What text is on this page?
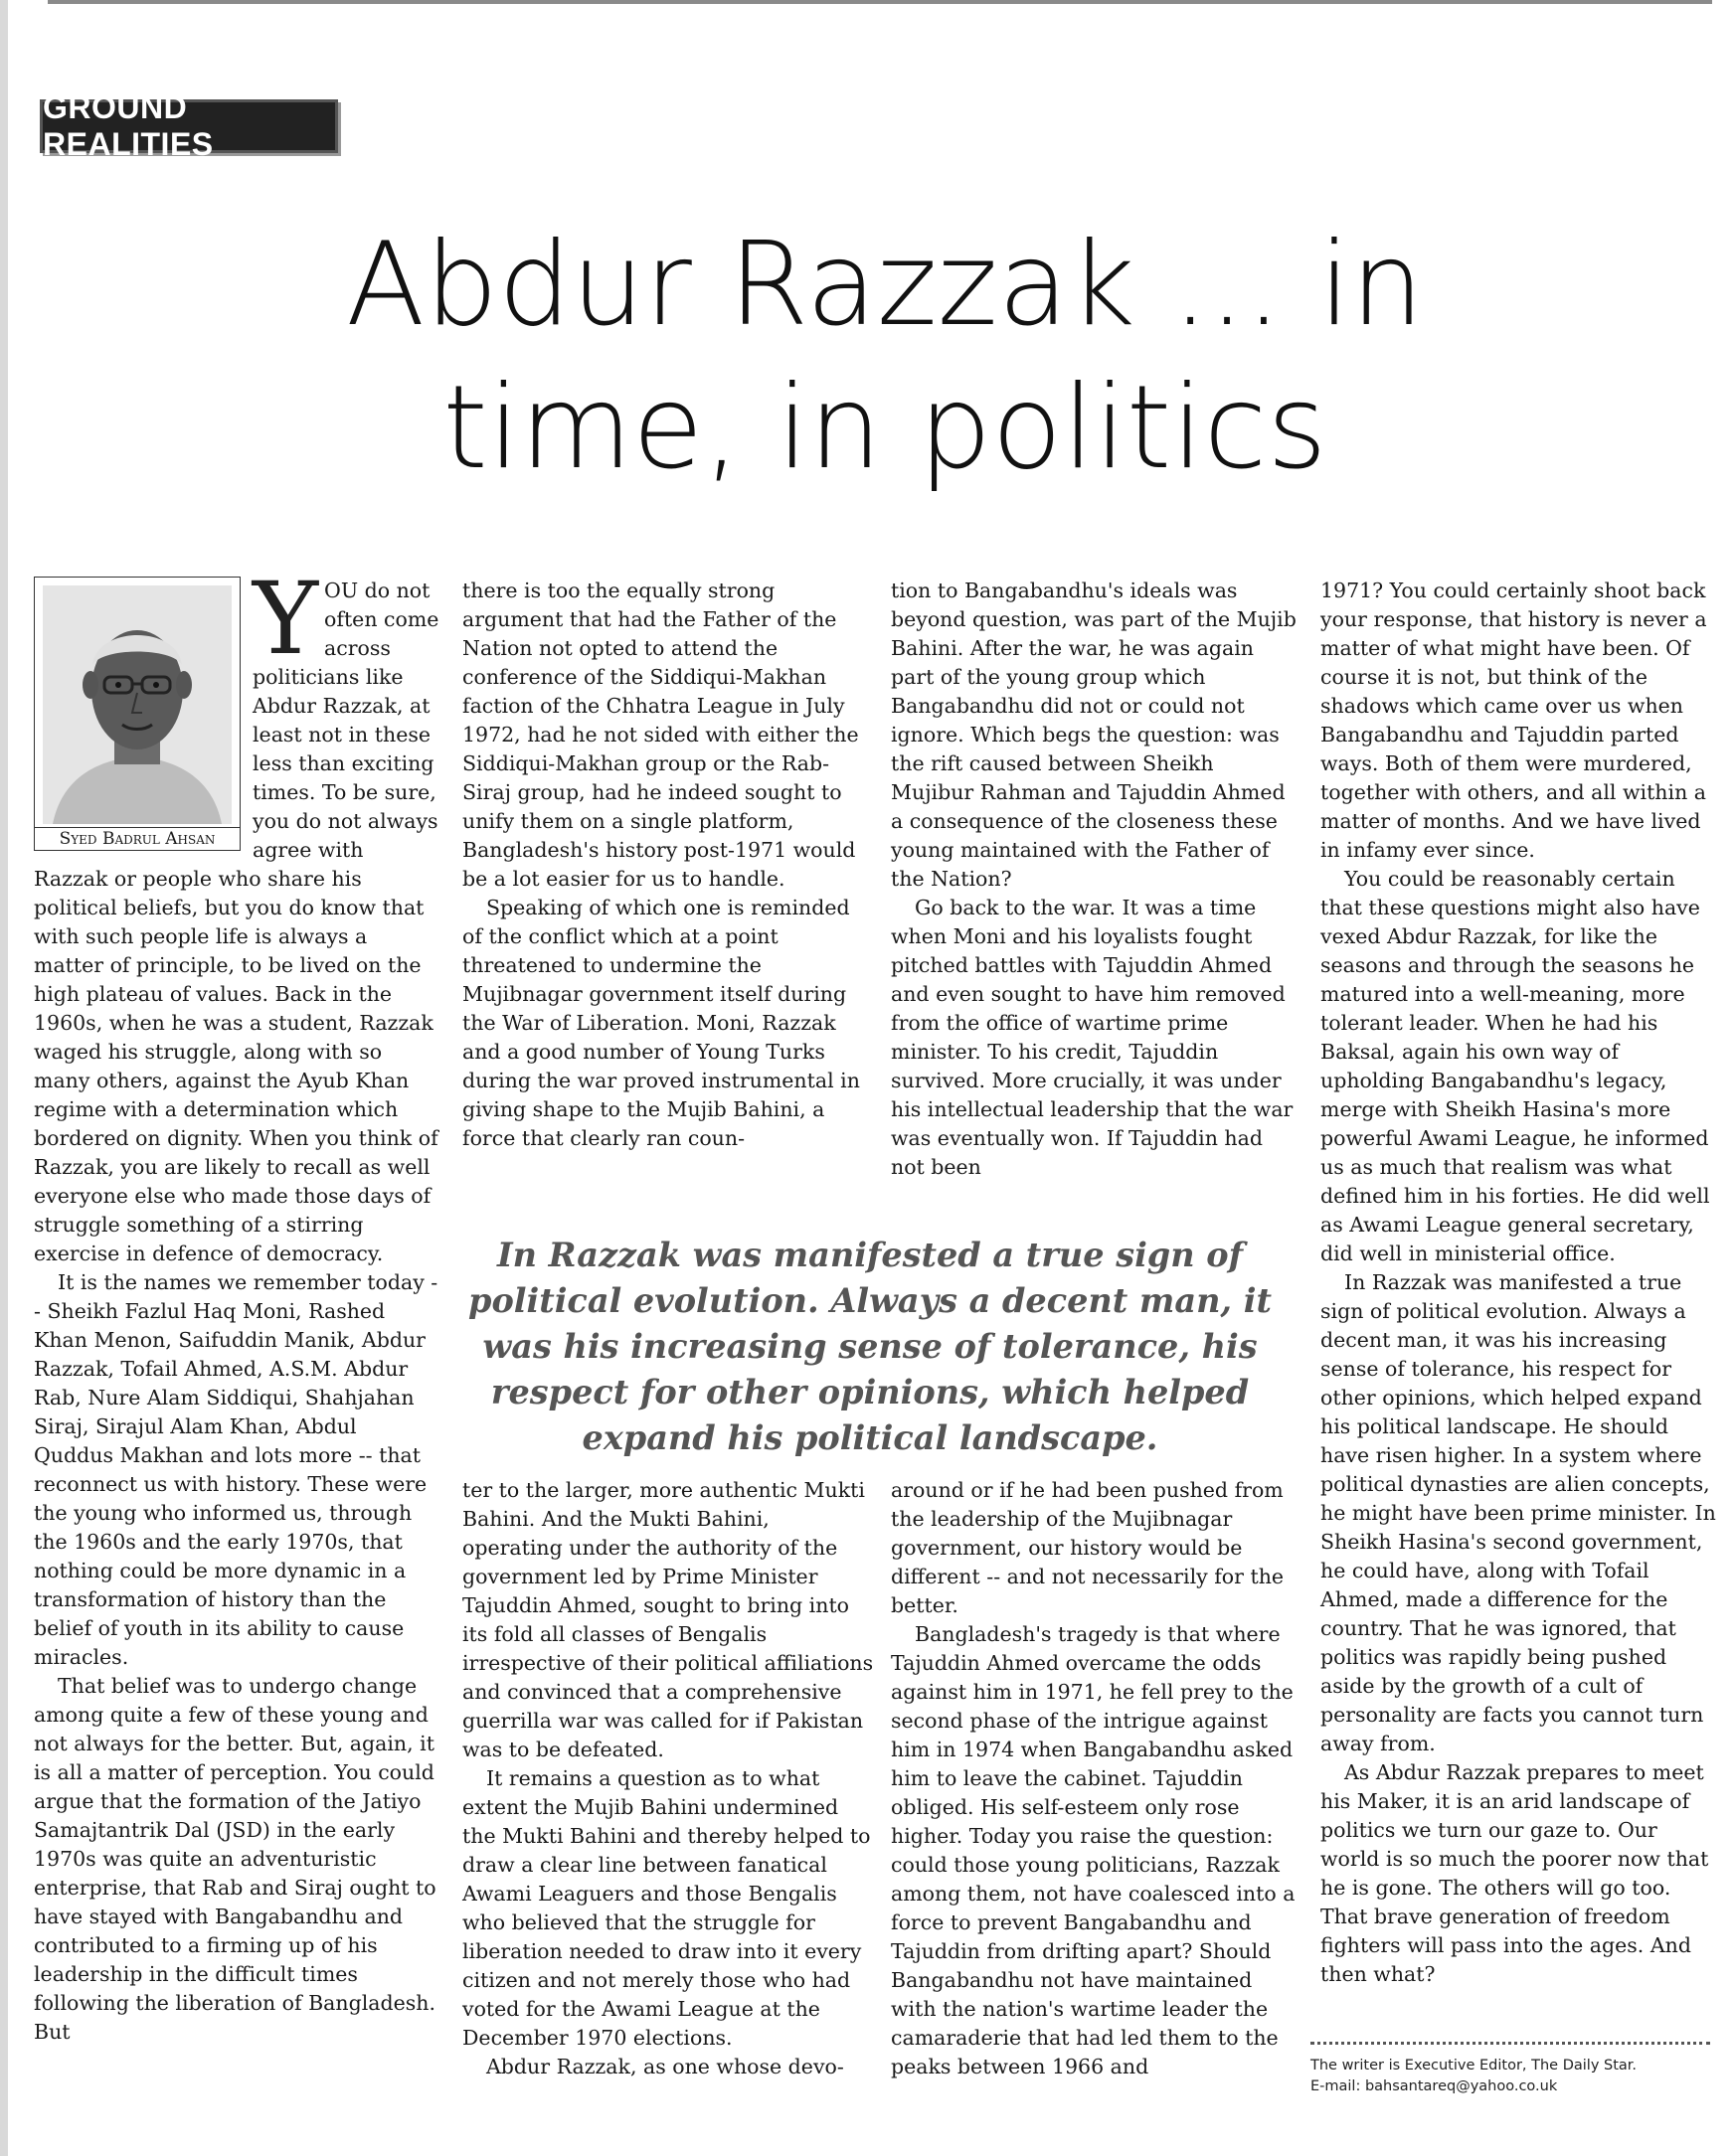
GROUND REALITIES
Abdur Razzak ... in
time, in politics
Syed Badrul Ahsan

YOU do not often come across politicians like Abdur Razzak, at least not in these less than exciting times. To be sure, you do not always agree with Razzak or people who share his political beliefs, but you do know that with such people life is always a matter of principle, to be lived on the high plateau of values. Back in the 1960s, when he was a student, Razzak waged his struggle, along with so many others, against the Ayub Khan regime with a determination which bordered on dignity. When you think of Razzak, you are likely to recall as well everyone else who made those days of struggle something of a stirring exercise in defence of democracy.

It is the names we remember today -- Sheikh Fazlul Haq Moni, Rashed Khan Menon, Saifuddin Manik, Abdur Razzak, Tofail Ahmed, A.S.M. Abdur Rab, Nure Alam Siddiqui, Shahjahan Siraj, Sirajul Alam Khan, Abdul Quddus Makhan and lots more -- that reconnect us with history. These were the young who informed us, through the 1960s and the early 1970s, that nothing could be more dynamic in a transformation of history than the belief of youth in its ability to cause miracles.

That belief was to undergo change among quite a few of these young and not always for the better. But, again, it is all a matter of perception. You could argue that the formation of the Jatiyo Samajtantrik Dal (JSD) in the early 1970s was quite an adventuristic enterprise, that Rab and Siraj ought to have stayed with Bangabandhu and contributed to a firming up of his leadership in the difficult times following the liberation of Bangladesh. But

there is too the equally strong argument that had the Father of the Nation not opted to attend the conference of the Siddiqui-Makhan faction of the Chhatra League in July 1972, had he not sided with either the Siddiqui-Makhan group or the Rab-Siraj group, had he indeed sought to unify them on a single platform, Bangladesh's history post-1971 would be a lot easier for us to handle.

Speaking of which one is reminded of the conflict which at a point threatened to undermine the Mujibnagar government itself during the War of Liberation. Moni, Razzak and a good number of Young Turks during the war proved instrumental in giving shape to the Mujib Bahini, a force that clearly ran coun-

tion to Bangabandhu's ideals was beyond question, was part of the Mujib Bahini. After the war, he was again part of the young group which Bangabandhu did not or could not ignore. Which begs the question: was the rift caused between Sheikh Mujibur Rahman and Tajuddin Ahmed a consequence of the closeness these young maintained with the Father of the Nation?

Go back to the war. It was a time when Moni and his loyalists fought pitched battles with Tajuddin Ahmed and even sought to have him removed from the office of wartime prime minister. To his credit, Tajuddin survived. More crucially, it was under his intellectual leadership that the war was eventually won. If Tajuddin had not been

In Razzak was manifested a true sign of political evolution. Always a decent man, it was his increasing sense of tolerance, his respect for other opinions, which helped expand his political landscape.

ter to the larger, more authentic Mukti Bahini. And the Mukti Bahini, operating under the authority of the government led by Prime Minister Tajuddin Ahmed, sought to bring into its fold all classes of Bengalis irrespective of their political affiliations and convinced that a comprehensive guerrilla war was called for if Pakistan was to be defeated.

It remains a question as to what extent the Mujib Bahini undermined the Mukti Bahini and thereby helped to draw a clear line between fanatical Awami Leaguers and those Bengalis who believed that the struggle for liberation needed to draw into it every citizen and not merely those who had voted for the Awami League at the December 1970 elections.

Abdur Razzak, as one whose devo-

around or if he had been pushed from the leadership of the Mujibnagar government, our history would be different -- and not necessarily for the better.

Bangladesh's tragedy is that where Tajuddin Ahmed overcame the odds against him in 1971, he fell prey to the second phase of the intrigue against him in 1974 when Bangabandhu asked him to leave the cabinet. Tajuddin obliged. His self-esteem only rose higher. Today you raise the question: could those young politicians, Razzak among them, not have coalesced into a force to prevent Bangabandhu and Tajuddin from drifting apart? Should Bangabandhu not have maintained with the nation's wartime leader the camaraderie that had led them to the peaks between 1966 and

1971? You could certainly shoot back your response, that history is never a matter of what might have been. Of course it is not, but think of the shadows which came over us when Bangabandhu and Tajuddin parted ways. Both of them were murdered, together with others, and all within a matter of months. And we have lived in infamy ever since.

You could be reasonably certain that these questions might also have vexed Abdur Razzak, for like the seasons and through the seasons he matured into a well-meaning, more tolerant leader. When he had his Baksal, again his own way of upholding Bangabandhu's legacy, merge with Sheikh Hasina's more powerful Awami League, he informed us as much that realism was what defined him in his forties. He did well as Awami League general secretary, did well in ministerial office.

In Razzak was manifested a true sign of political evolution. Always a decent man, it was his increasing sense of tolerance, his respect for other opinions, which helped expand his political landscape. He should have risen higher. In a system where political dynasties are alien concepts, he might have been prime minister. In Sheikh Hasina's second government, he could have, along with Tofail Ahmed, made a difference for the country. That he was ignored, that politics was rapidly being pushed aside by the growth of a cult of personality are facts you cannot turn away from.

As Abdur Razzak prepares to meet his Maker, it is an arid landscape of politics we turn our gaze to. Our world is so much the poorer now that he is gone. The others will go too. That brave generation of freedom fighters will pass into the ages. And then what?

The writer is Executive Editor, The Daily Star.
E-mail: bahsantareq@yahoo.co.uk
